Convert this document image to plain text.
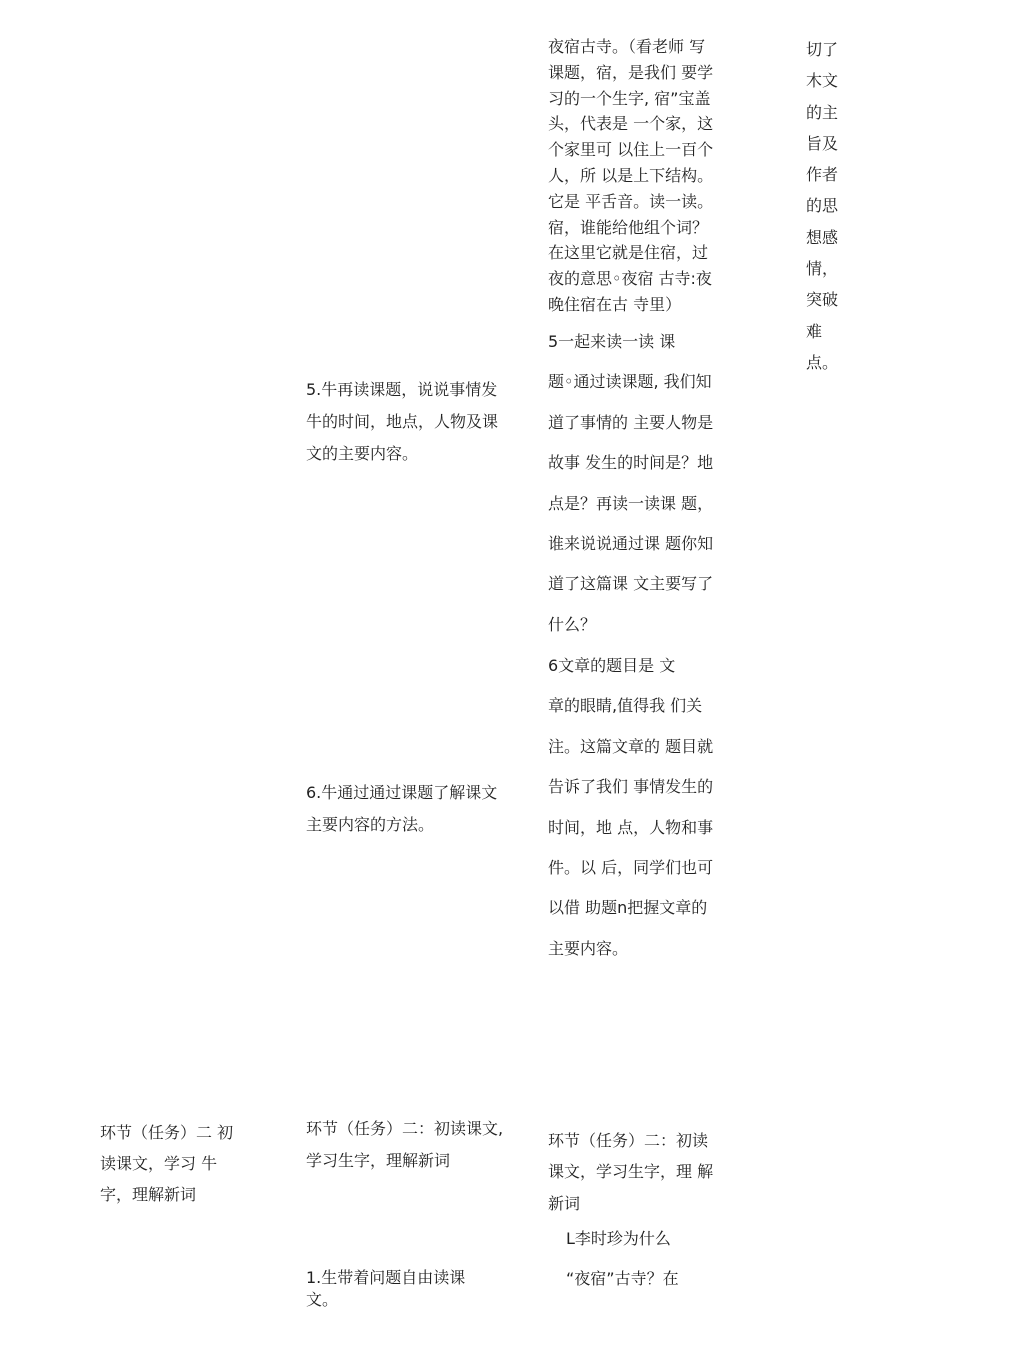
夜宿古寺。（看老师 写
课题，宿，是我们 要学
习的一个生字, 宿”宝盖
头，代表是 一个家，这
个家里可 以住上一百个
人，所 以是上下结构。
它是 平舌音。读一读。
宿，谁能给他组个词？
在这里它就是住宿，过
夜的意思◦夜宿 古寺:夜
晚住宿在古 寺里）
切了
木文
的主
旨及
作者
的思
想感
情，
突破
难
点。
5一起来读一读 课
题◦通过读课题, 我们知
道了事情的 主要人物是
故事 发生的时间是？地
点是？再读一读课 题，
谁来说说通过课 题你知
道了这篇课 文主要写了
什么？
5.牛再读课题，说说事情发
牛的时间，地点，人物及课
文的主要内容。
6文章的题目是 文
章的眼睛,值得我 们关
注。这篇文章的 题目就
告诉了我们 事情发生的
时间，地 点，人物和事
件。以 后，同学们也可
以借 助题n把握文章的
主要内容。
6.牛通过通过课题了解课文
主要内容的方法。
环节（任务）二 初
读课文，学习 牛
字，理解新词
环节（任务）二：初读课文,
学习生字，理解新词
环节（任务）二：初读
课文，学习生字，理 解
新词
L李时珍为什么
“夜宿”古寺？在
1.生带着问题自由读课
文。
